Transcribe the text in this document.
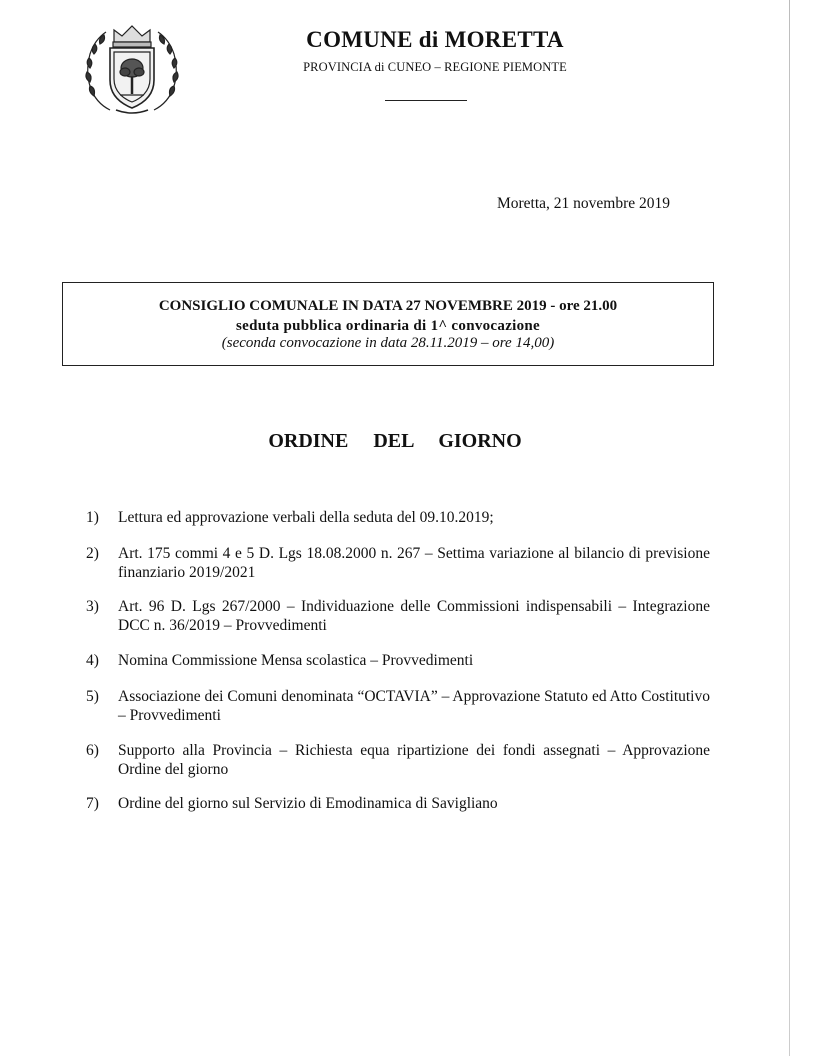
COMUNE di MORETTA
PROVINCIA di CUNEO – REGIONE PIEMONTE
Moretta, 21 novembre 2019
CONSIGLIO COMUNALE IN DATA 27 NOVEMBRE 2019 - ore 21.00
seduta pubblica ordinaria di 1^ convocazione
(seconda convocazione in data 28.11.2019 – ore 14,00)
ORDINE DEL GIORNO
1) Lettura ed approvazione verbali della seduta del 09.10.2019;
2) Art. 175 commi 4 e 5 D. Lgs 18.08.2000 n. 267 – Settima variazione al bilancio di previsione finanziario 2019/2021
3) Art. 96 D. Lgs 267/2000 – Individuazione delle Commissioni indispensabili – Integrazione DCC n. 36/2019 – Provvedimenti
4) Nomina Commissione Mensa scolastica – Provvedimenti
5) Associazione dei Comuni denominata “OCTAVIA” – Approvazione Statuto ed Atto Costitutivo – Provvedimenti
6) Supporto alla Provincia – Richiesta equa ripartizione dei fondi assegnati – Approvazione Ordine del giorno
7) Ordine del giorno sul Servizio di Emodinamica di Savigliano
